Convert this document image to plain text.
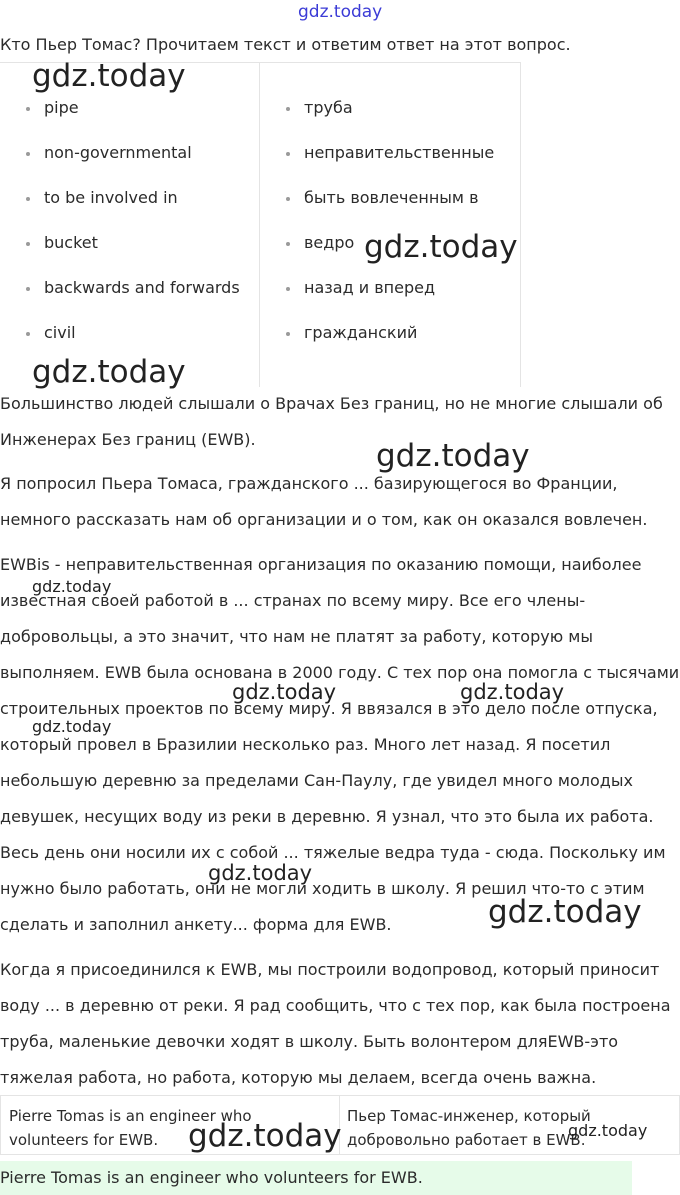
gdz.today
Кто Пьер Томас? Прочитаем текст и ответим ответ на этот вопрос.
pipe
non-governmental
to be involved in
bucket
backwards and forwards
civil
труба
неправительственные
быть вовлеченным в
ведро
назад и вперед
гражданский

Большинство людей слышали о Врачах Без границ, но не многие слышали об Инженерах Без границ (EWB).

Я попросил Пьера Томаса, гражданского ... базирующегося во Франции, немного рассказать нам об организации и о том, как он оказался вовлечен.

EWBis - неправительственная организация по оказанию помощи, наиболее известная своей работой в ... странах по всему миру. Все его члены-добровольцы, а это значит, что нам не платят за работу, которую мы выполняем. EWB была основана в 2000 году. С тех пор она помогла с тысячами строительных проектов по всему миру. Я ввязался в это дело после отпуска, который провел в Бразилии несколько раз. Много лет назад. Я посетил небольшую деревню за пределами Сан-Паулу, где увидел много молодых девушек, несущих воду из реки в деревню. Я узнал, что это была их работа. Весь день они носили их с собой ... тяжелые ведра туда - сюда. Поскольку им нужно было работать, они не могли ходить в школу. Я решил что-то с этим сделать и заполнил анкету... форма для EWB.

Когда я присоединился к EWB, мы построили водопровод, который приносит воду ... в деревню от реки. Я рад сообщить, что с тех пор, как была построена труба, маленькие девочки ходят в школу. Быть волонтером дляEWB-это тяжелая работа, но работа, которую мы делаем, всегда очень важна.

Pierre Tomas is an engineer who volunteers for EWB.
Пьер Томас-инженер, который добровольно работает в EWB.
Pierre Tomas is an engineer who volunteers for EWB.
gdz.today
gdz.today
gdz.today
gdz.today
gdz.today
gdz.today	gdz.today
gdz.today
gdz.today
gdz.today
gdz.today	gdz.today
